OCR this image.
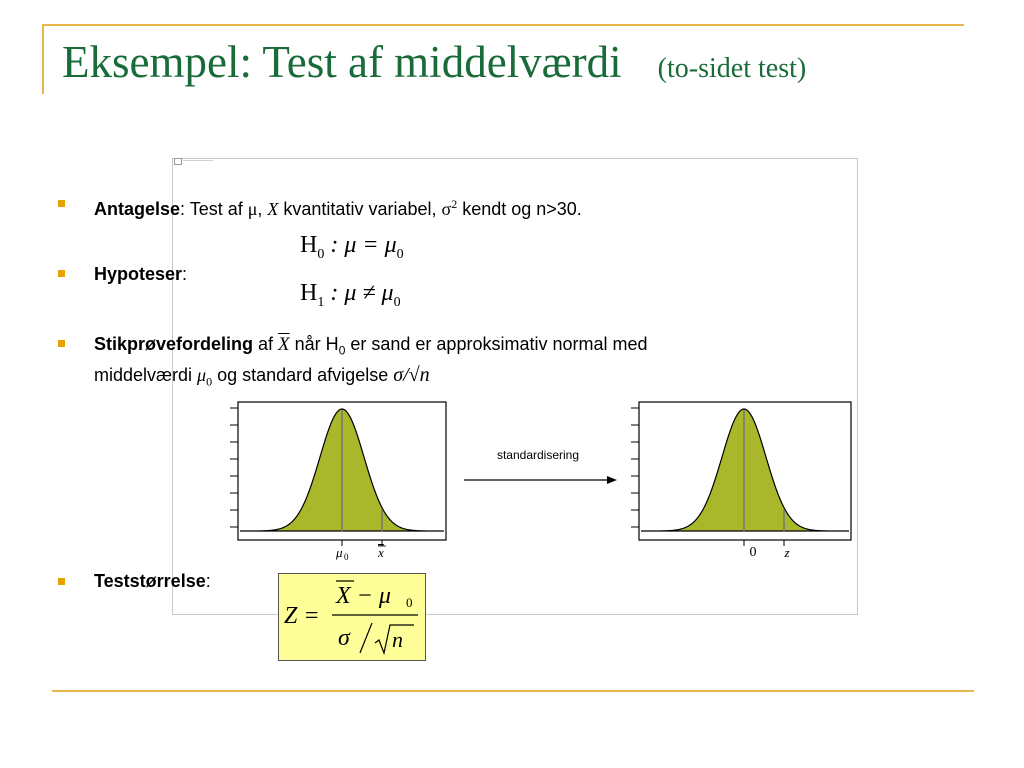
Eksempel: Test af middelværdi (to-sidet test)
Antagelse: Test af μ, X kvantitativ variabel, $\sigma^2$ kendt og n>30.
$H_0$ : $\mu = \mu_0$
$H_1$ : $\mu \ne \mu_0$
Hypoteser:
Stikprøvefordeling af $\overline{X}$ når $H_0$ er sand er approksimativ normal med
middelværdi $\mu_0$ og standard afvigelse σ/√n
μ 0 x
standardisering
0 z
Teststørrelse:
Z =
X − μ 0
σ n
